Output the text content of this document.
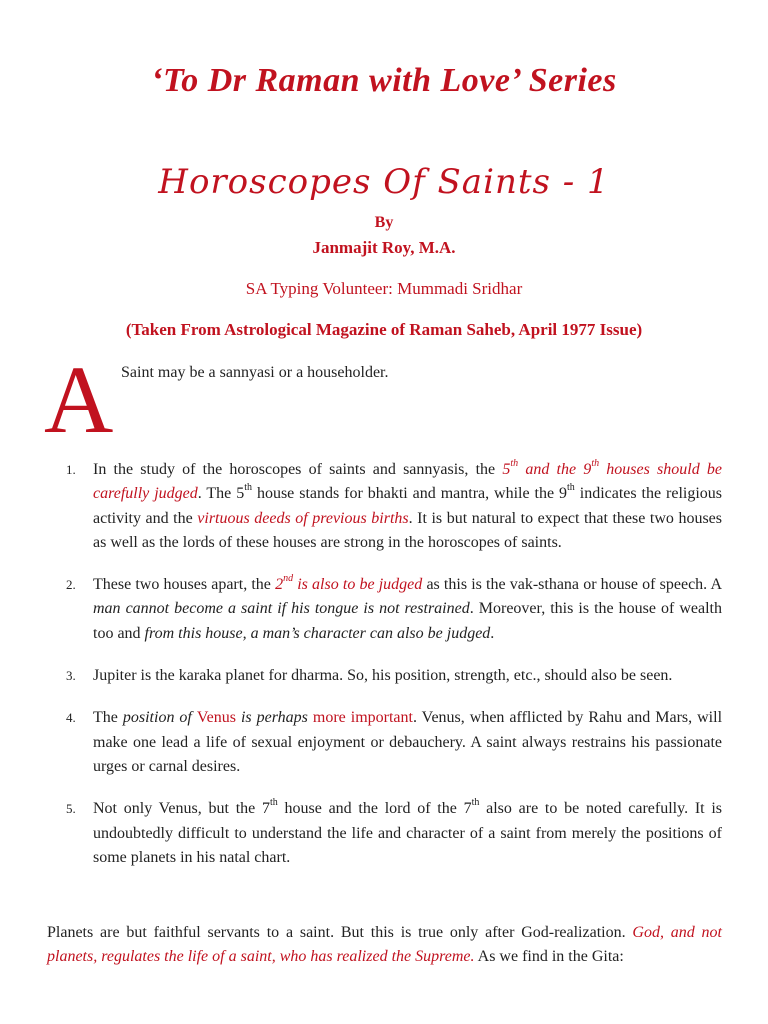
‘To Dr Raman with Love’ Series
Horoscopes Of Saints - 1
By
Janmajit Roy, M.A.
SA Typing Volunteer: Mummadi Sridhar
(Taken From Astrological Magazine of Raman Saheb, April 1977 Issue)
A Saint may be a sannyasi or a householder.
1. In the study of the horoscopes of saints and sannyasis, the 5th and the 9th houses should be carefully judged. The 5th house stands for bhakti and mantra, while the 9th indicates the religious activity and the virtuous deeds of previous births. It is but natural to expect that these two houses as well as the lords of these houses are strong in the horoscopes of saints.
2. These two houses apart, the 2nd is also to be judged as this is the vak-sthana or house of speech. A man cannot become a saint if his tongue is not restrained. Moreover, this is the house of wealth too and from this house, a man’s character can also be judged.
3. Jupiter is the karaka planet for dharma. So, his position, strength, etc., should also be seen.
4. The position of Venus is perhaps more important. Venus, when afflicted by Rahu and Mars, will make one lead a life of sexual enjoyment or debauchery. A saint always restrains his passionate urges or carnal desires.
5. Not only Venus, but the 7th house and the lord of the 7th also are to be noted carefully. It is undoubtedly difficult to understand the life and character of a saint from merely the positions of some planets in his natal chart.
Planets are but faithful servants to a saint. But this is true only after God-realization. God, and not planets, regulates the life of a saint, who has realized the Supreme. As we find in the Gita:
